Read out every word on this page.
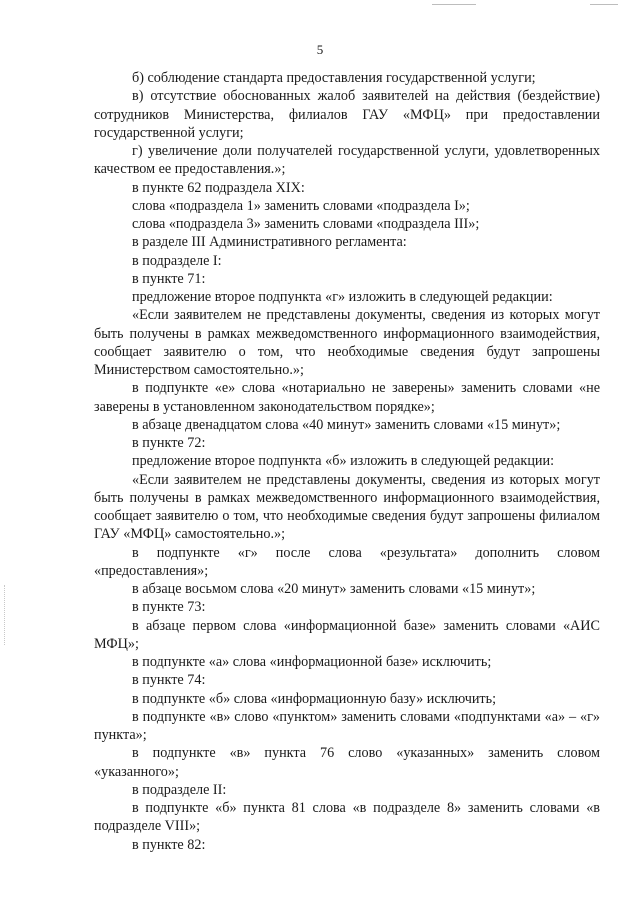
5

б) соблюдение стандарта предоставления государственной услуги;

в) отсутствие обоснованных жалоб заявителей на действия (бездействие) сотрудников Министерства, филиалов ГАУ «МФЦ» при предоставлении государственной услуги;

г) увеличение доли получателей государственной услуги, удовлетворенных качеством ее предоставления.»;

в пункте 62 подраздела XIX:

слова «подраздела 1» заменить словами «подраздела I»;

слова «подраздела 3» заменить словами «подраздела III»;

в разделе III Административного регламента:

в подразделе I:

в пункте 71:

предложение второе подпункта «г» изложить в следующей редакции:

«Если заявителем не представлены документы, сведения из которых могут быть получены в рамках межведомственного информационного взаимодействия, сообщает заявителю о том, что необходимые сведения будут запрошены Министерством самостоятельно.»;

в подпункте «е» слова «нотариально не заверены» заменить словами «не заверены в установленном законодательством порядке»;

в абзаце двенадцатом слова «40 минут» заменить словами «15 минут»;

в пункте 72:

предложение второе подпункта «б» изложить в следующей редакции:

«Если заявителем не представлены документы, сведения из которых могут быть получены в рамках межведомственного информационного взаимодействия, сообщает заявителю о том, что необходимые сведения будут запрошены филиалом ГАУ «МФЦ» самостоятельно.»;

в подпункте «г» после слова «результата» дополнить словом «предоставления»;

в абзаце восьмом слова «20 минут» заменить словами «15 минут»;

в пункте 73:

в абзаце первом слова «информационной базе» заменить словами «АИС МФЦ»;

в подпункте «а» слова «информационной базе» исключить;

в пункте 74:

в подпункте «б» слова «информационную базу» исключить;

в подпункте «в» слово «пунктом» заменить словами «подпунктами «а» – «г» пункта»;

в подпункте «в» пункта 76 слово «указанных» заменить словом «указанного»;

в подразделе II:

в подпункте «б» пункта 81 слова «в подразделе 8» заменить словами «в подразделе VIII»;

в пункте 82:
